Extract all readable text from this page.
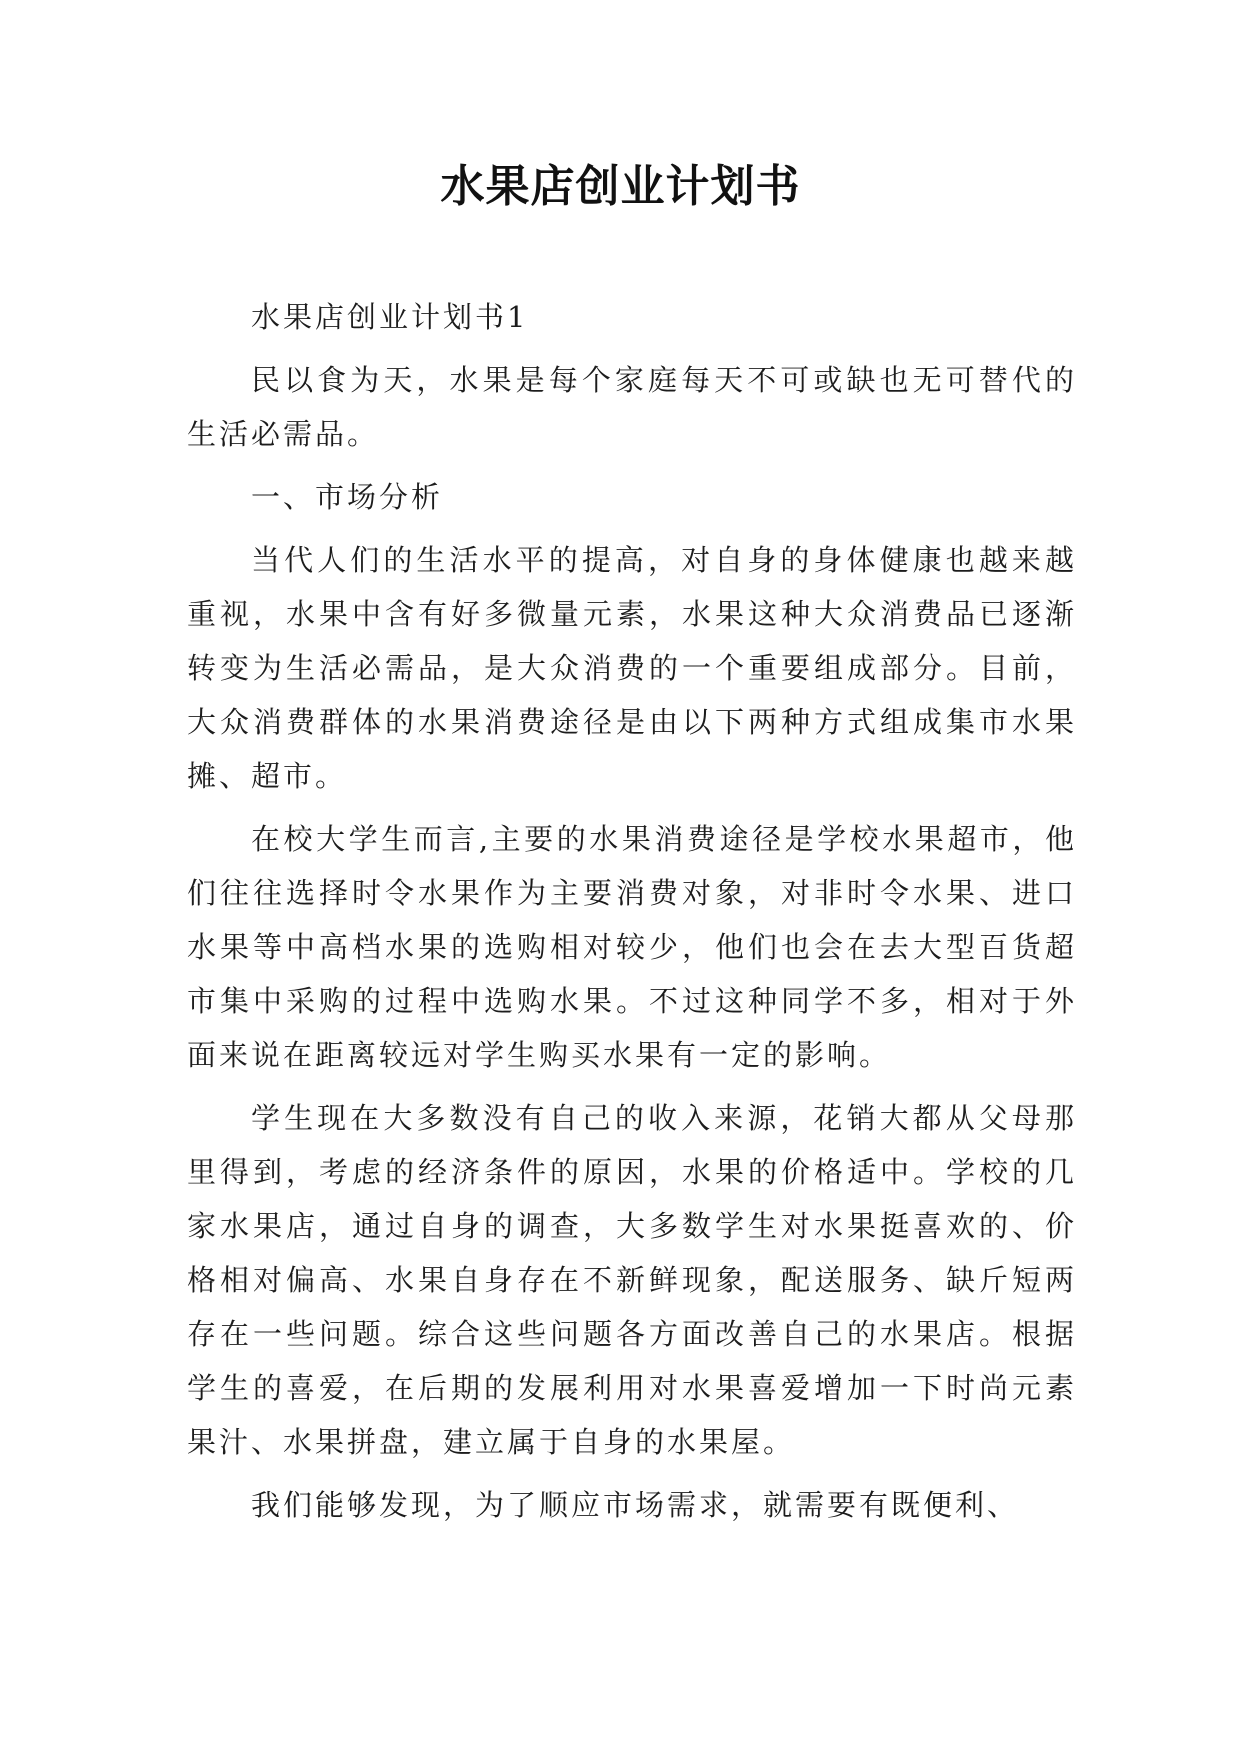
水果店创业计划书

水果店创业计划书1

民以食为天，水果是每个家庭每天不可或缺也无可替代的生活必需品。

一、市场分析

当代人们的生活水平的提高，对自身的身体健康也越来越重视，水果中含有好多微量元素，水果这种大众消费品已逐渐转变为生活必需品，是大众消费的一个重要组成部分。目前，大众消费群体的水果消费途径是由以下两种方式组成集市水果摊、超市。

在校大学生而言,主要的水果消费途径是学校水果超市，他们往往选择时令水果作为主要消费对象，对非时令水果、进口水果等中高档水果的选购相对较少，他们也会在去大型百货超市集中采购的过程中选购水果。不过这种同学不多，相对于外面来说在距离较远对学生购买水果有一定的影响。

学生现在大多数没有自己的收入来源，花销大都从父母那里得到，考虑的经济条件的原因，水果的价格适中。学校的几家水果店，通过自身的调查，大多数学生对水果挺喜欢的、价格相对偏高、水果自身存在不新鲜现象，配送服务、缺斤短两存在一些问题。综合这些问题各方面改善自己的水果店。根据学生的喜爱，在后期的发展利用对水果喜爱增加一下时尚元素果汁、水果拼盘，建立属于自身的水果屋。

我们能够发现，为了顺应市场需求，就需要有既便利、
